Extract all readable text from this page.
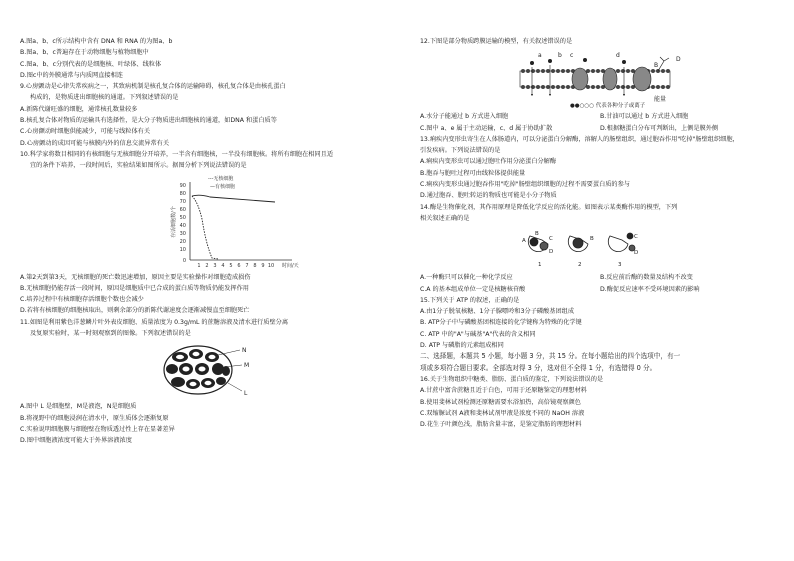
A.图a、b、c所示结构中含有 DNA 和 RNA 的为图a、b
B.图a、b、c普遍存在于动物细胞与植物细胞中
C.图a、b、c分别代表的是细胞核、叶绿体、线粒体
D.图c中的外膜通常与内质网直接相连
9.心房颤动是心律失常疾病之一，其致病机制是核孔复合体的运输障碍，核孔复合体是由核孔蛋白
构成的，是物质进出细胞核的通道。下列叙述错误的是
A.新陈代谢旺盛的细胞，通常核孔数量较多
B.核孔复合体对物质的运输具有选择性，是大分子物质进出细胞核的通道，如DNA 和蛋白质等
C.心房颤动时细胞供能减少，可能与线粒体有关
D.心房颤动的成因可能与核膜内外的信息交流异常有关
10.科学家将数目相同的有核细胞与无核细胞分开培养，一半含有细胞核，一半没有细胞核。将所有细胞在相同且适
宜的条件下培养，一段时间后，实验结果如图所示。据图分析下列说法错误的是
90
80
70
60
50
40
30
20
10
0
存活细胞数/个
1 2 3 4 5 6 7 8 9 10 时间/天
---无核细胞
—有核细胞
A.第2天到第3天，无核细胞的死亡数迅速增加，原因主要是实验操作对细胞造成损伤
B.无核细胞仍能存活一段时间，原因是细胞质中已合成的蛋白质等物质仍能发挥作用
C.培养过程中有核细胞存活细胞个数也会减少
D.若将有核细胞的细胞核取出，则剩余部分的新陈代谢速度会逐渐减慢直至细胞死亡
11.如图是利用紫色洋葱鳞片叶外表皮细胞、质量浓度为 0.3g/mL 的蔗糖溶液及清水进行质壁分离
及复原实验时，某一时刻观察到的图像。下列叙述错误的是
N
M
L
A.图中 L 是细胞壁，M是液泡，N是细胞质
B.将视野中的细胞浸润在清水中，原生质体会逐渐复原
C.实验说明细胞膜与细胞壁在物质透过性上存在显著差异
D.图中细胞液浓度可能大于外界溶液浓度
12.下图是部分物质跨膜运输的模型，有关叙述错误的是
a	b c	d
D
B
能量
●●○○○ 代表各种分子或离子
A.水分子能通过 b 方式进入细胞	B.甘油可以通过 b 方式进入细胞
C.图中 a、e 属于主动运输，c、d 属于协助扩散	D.根据糖蛋白分布可判断出，上侧是膜外侧
13.痢疾内变形虫寄生在人体肠道内，可以分泌蛋白分解酶，溶解人的肠壁组织，通过胞吞作用"吃掉"肠壁组织细胞，
引发疾病。下列说法错误的是
A.痢疾内变形虫可以通过胞吐作用分泌蛋白分解酶
B.胞吞与胞吐过程可由线粒体提供能量
C.痢疾内变形虫通过胞吞作用"吃掉"肠壁组织细胞的过程不需要蛋白质的参与
D.通过胞吞、胞吐转运的物质也可能是小分子物质
14.酶是生物催化剂，其作用原理是降低化学反应的活化能。如图表示某类酶作用的模型，下列
相关叙述正确的是
A
B
C
D
B	C
D
1	2	3
A.一种酶只可以催化一种化学反应	B.反应前后酶的数量及结构不改变
C.A 的基本组成单位一定是核糖核苷酸	D.酶促反应速率不受环境因素的影响
15.下列关于 ATP 的叙述，正确的是
A.由1分子脱氧核糖、1分子腺嘌呤和3分子磷酸基团组成
B. ATP分子中与磷酸基团相连接的化学键称为特殊的化学键
C. ATP 中的"A"与碱基"A"代表的含义相同
D. ATP 与磷脂的元素组成相同
二、选择题，本题共 5 小题，每小题 3 分，共 15 分。在每小题给出的四个选项中，有一
项或多项符合题目要求。全部选对得 3 分，选对但不全得 1 分，有选错得 0 分。
16.关于生物组织中糖类、脂肪、蛋白质的鉴定，下列说法错误的是
A.甘蔗中富含蔗糖且近于白色，可用于还原糖鉴定的理想材料
B.使用斐林试剂检测还原糖需要水浴加热，高倍镜观察颜色
C.双缩脲试剂 A液和斐林试剂甲液是浓度不同的 NaOH 溶液
D.花生子叶颜色浅，脂肪含量丰富，是鉴定脂肪的理想材料
